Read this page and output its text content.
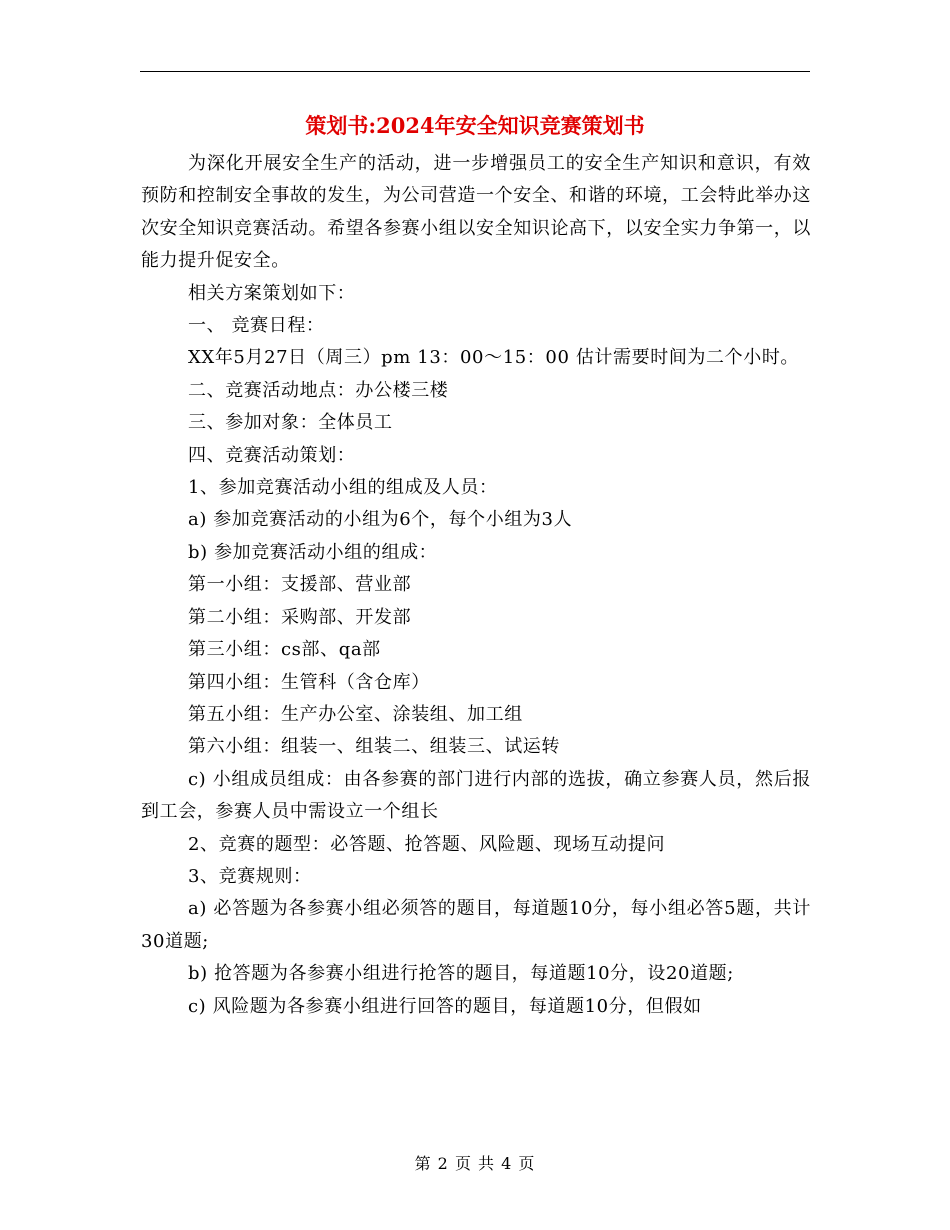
策划书:2024年安全知识竞赛策划书

为深化开展安全生产的活动，进一步增强员工的安全生产知识和意识，有效预防和控制安全事故的发生，为公司营造一个安全、和谐的环境，工会特此举办这次安全知识竞赛活动。希望各参赛小组以安全知识论高下，以安全实力争第一，以能力提升促安全。

相关方案策划如下：

一、 竞赛日程：

XX年5月27日（周三）pm 13：00～15：00 估计需要时间为二个小时。

二、竞赛活动地点：办公楼三楼

三、参加对象：全体员工

四、竞赛活动策划：

1、参加竞赛活动小组的组成及人员：

a) 参加竞赛活动的小组为6个，每个小组为3人

b) 参加竞赛活动小组的组成：

第一小组：支援部、营业部

第二小组：采购部、开发部

第三小组：cs部、qa部

第四小组：生管科（含仓库）

第五小组：生产办公室、涂装组、加工组

第六小组：组装一、组装二、组装三、试运转

c) 小组成员组成：由各参赛的部门进行内部的选拔，确立参赛人员，然后报到工会，参赛人员中需设立一个组长

2、竞赛的题型：必答题、抢答题、风险题、现场互动提问

3、竞赛规则：

a) 必答题为各参赛小组必须答的题目，每道题10分，每小组必答5题，共计30道题;

b) 抢答题为各参赛小组进行抢答的题目，每道题10分，设20道题;

c) 风险题为各参赛小组进行回答的题目，每道题10分，但假如

第 2 页 共 4 页
